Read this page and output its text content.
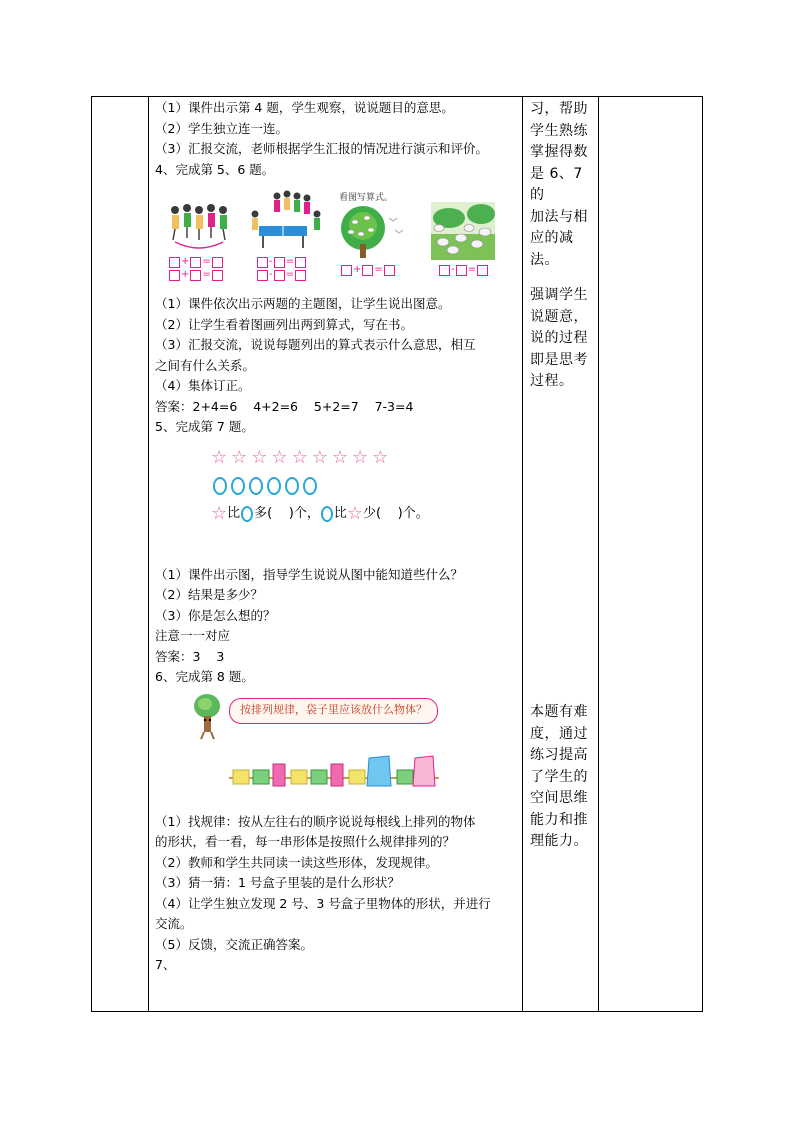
（1）课件出示第 4 题，学生观察，说说题目的意思。
（2）学生独立连一连。
（3）汇报交流，老师根据学生汇报的情况进行演示和评价。
4、完成第 5、6 题。
+ =
+ =
- =
- =
看图写算式。
+ =	- =
（1）课件依次出示两题的主题图，让学生说出图意。
（2）让学生看着图画列出两到算式，写在书。
（3）汇报交流，说说每题列出的算式表示什么意思，相互
之间有什么关系。
（4）集体订正。
答案：2+4=6    4+2=6    5+2=7    7-3=4
5、完成第 7 题。
☆ ☆ ☆ ☆ ☆ ☆ ☆ ☆ ☆
☆ 比 多(    )个， 比 ☆ 少(    )个。
（1）课件出示图，指导学生说说从图中能知道些什么？
（2）结果是多少？
（3）你是怎么想的？
注意一一对应
答案：3    3
6、完成第 8 题。
按排列规律，袋子里应该放什么物体？
（1）找规律：按从左往右的顺序说说每根线上排列的物体
的形状，看一看，每一串形体是按照什么规律排列的？
（2）教师和学生共同读一读这些形体，发现规律。
（3）猜一猜：1 号盒子里装的是什么形状？
（4）让学生独立发现 2 号、3 号盒子里物体的形状，并进行
交流。
（5）反馈，交流正确答案。
7、
习，帮助
学生熟练
掌握得数
是 6、7 的
加法与相
应的减法。
强调学生
说题意，
说的过程
即是思考
过程。
本题有难
度，通过
练习提高
了学生的
空间思维
能力和推
理能力。
